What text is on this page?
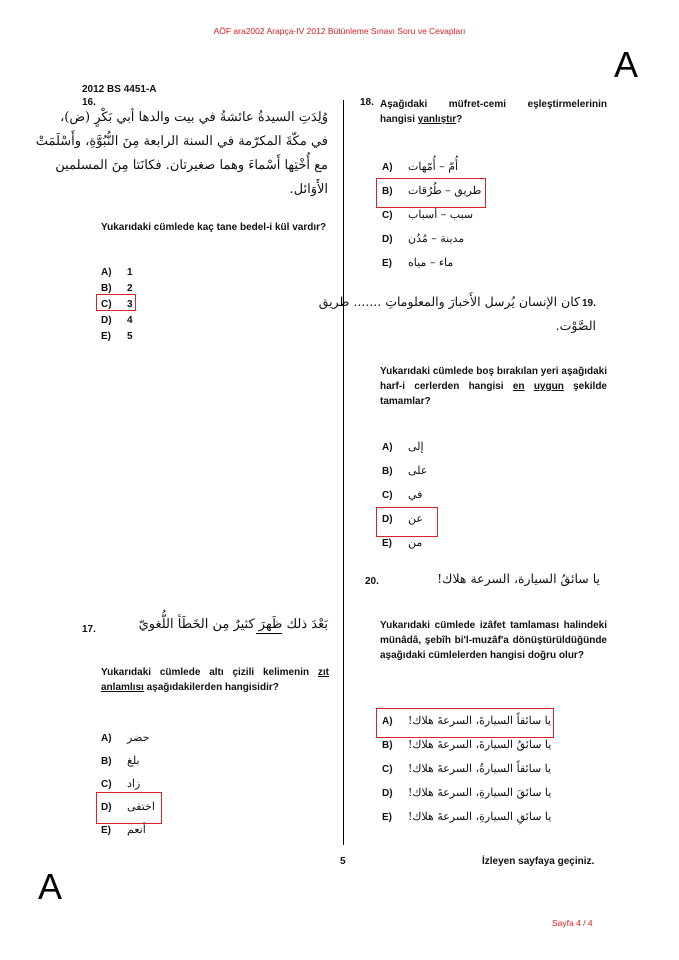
AÖF ara2002 Arapça-IV 2012 Bütünleme Sınavı Soru ve Cevapları
A
2012 BS 4451-A
16.
وُلِدَتِ السيدةُ عائشةُ في بيت والدها أبي بَكْرٍ (ض)،
في مكّةَ المكرّمة في السنة الرابعة مِنَ النُّبُوَّةِ، وأَسْلَمَتْ
مع أُخْتِها أَسْماءَ وهما صغيرتان. فكانَتا مِنَ المسلمين
الأَوَائل.
Yukarıdaki cümlede kaç tane bedel-i kül vardır?
A) 1
B) 2
C) 3
D) 4
E) 5
17.	بَعْدَ ذلك ظَهرَ كثيرٌ مِن الخَطَأ اللُّغويّ
Yukarıdaki cümlede altı çizili kelimenin zıt anlamlısı aşağıdakilerden hangisidir?
A) حضر
B) بلغ
C) زاد
D) اختفى
E) أنعم
18. Aşağıdaki müfret-cemi eşleştirmelerinin hangisi yanlıştır?
A) أُمّ – أُمّهات
B) طريق – طُرُقات
C) سبب – أسباب
D) مدينة – مُدُن
E) ماء – مياه
كان الإنسان يُرسل الأَخبارَ والمعلوماتِ ....... طريق 19.
الصَّوْت.
Yukarıdaki cümlede boş bırakılan yeri aşağıdaki harf-i cerlerden hangisi en uygun şekilde tamamlar?
A) إلى
B) على
C) في
D) عن
E) من
20.	يا سائقُ السيارة، السرعة هلاك!
Yukarıdaki cümlede izâfet tamlaması halindeki münâdâ, şebîh bi'l-muzâf'a dönüştürüldüğünde aşağıdaki cümlelerden hangisi doğru olur?
A) يا سائقاً السيارةَ، السرعةَ هلاك!
B) يا سائقُ السيارةَ، السرعةَ هلاك!
C) يا سائقاً السيارةُ، السرعةَ هلاك!
D) يا سائقَ السيارةِ، السرعةَ هلاك!
E) يا سائقِ السيارةِ، السرعةَ هلاك!
5	İzleyen sayfaya geçiniz.
A
Sayfa 4 / 4
